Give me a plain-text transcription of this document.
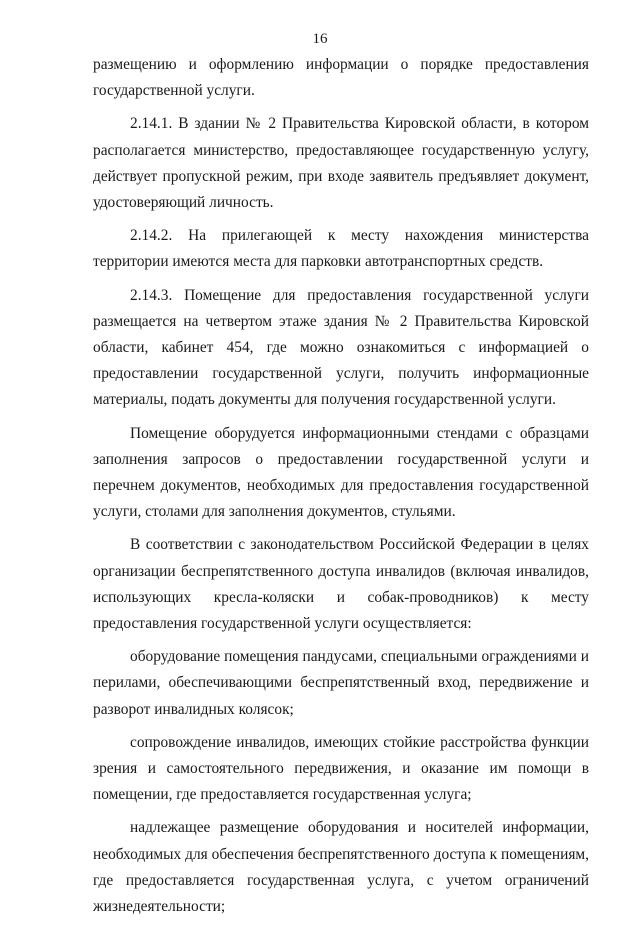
16

размещению и оформлению информации о порядке предоставления государственной услуги.

2.14.1. В здании № 2 Правительства Кировской области, в котором располагается министерство, предоставляющее государственную услугу, действует пропускной режим, при входе заявитель предъявляет документ, удостоверяющий личность.

2.14.2. На прилегающей к месту нахождения министерства территории имеются места для парковки автотранспортных средств.

2.14.3. Помещение для предоставления государственной услуги размещается на четвертом этаже здания № 2 Правительства Кировской области, кабинет 454, где можно ознакомиться с информацией о предоставлении государственной услуги, получить информационные материалы, подать документы для получения государственной услуги.

Помещение оборудуется информационными стендами с образцами заполнения запросов о предоставлении государственной услуги и перечнем документов, необходимых для предоставления государственной услуги, столами для заполнения документов, стульями.

В соответствии с законодательством Российской Федерации в целях организации беспрепятственного доступа инвалидов (включая инвалидов, использующих кресла-коляски и собак-проводников) к месту предоставления государственной услуги осуществляется:

оборудование помещения пандусами, специальными ограждениями и перилами, обеспечивающими беспрепятственный вход, передвижение и разворот инвалидных колясок;

сопровождение инвалидов, имеющих стойкие расстройства функции зрения и самостоятельного передвижения, и оказание им помощи в помещении, где предоставляется государственная услуга;

надлежащее размещение оборудования и носителей информации, необходимых для обеспечения беспрепятственного доступа к помещениям, где предоставляется государственная услуга, с учетом ограничений жизнедеятельности;
